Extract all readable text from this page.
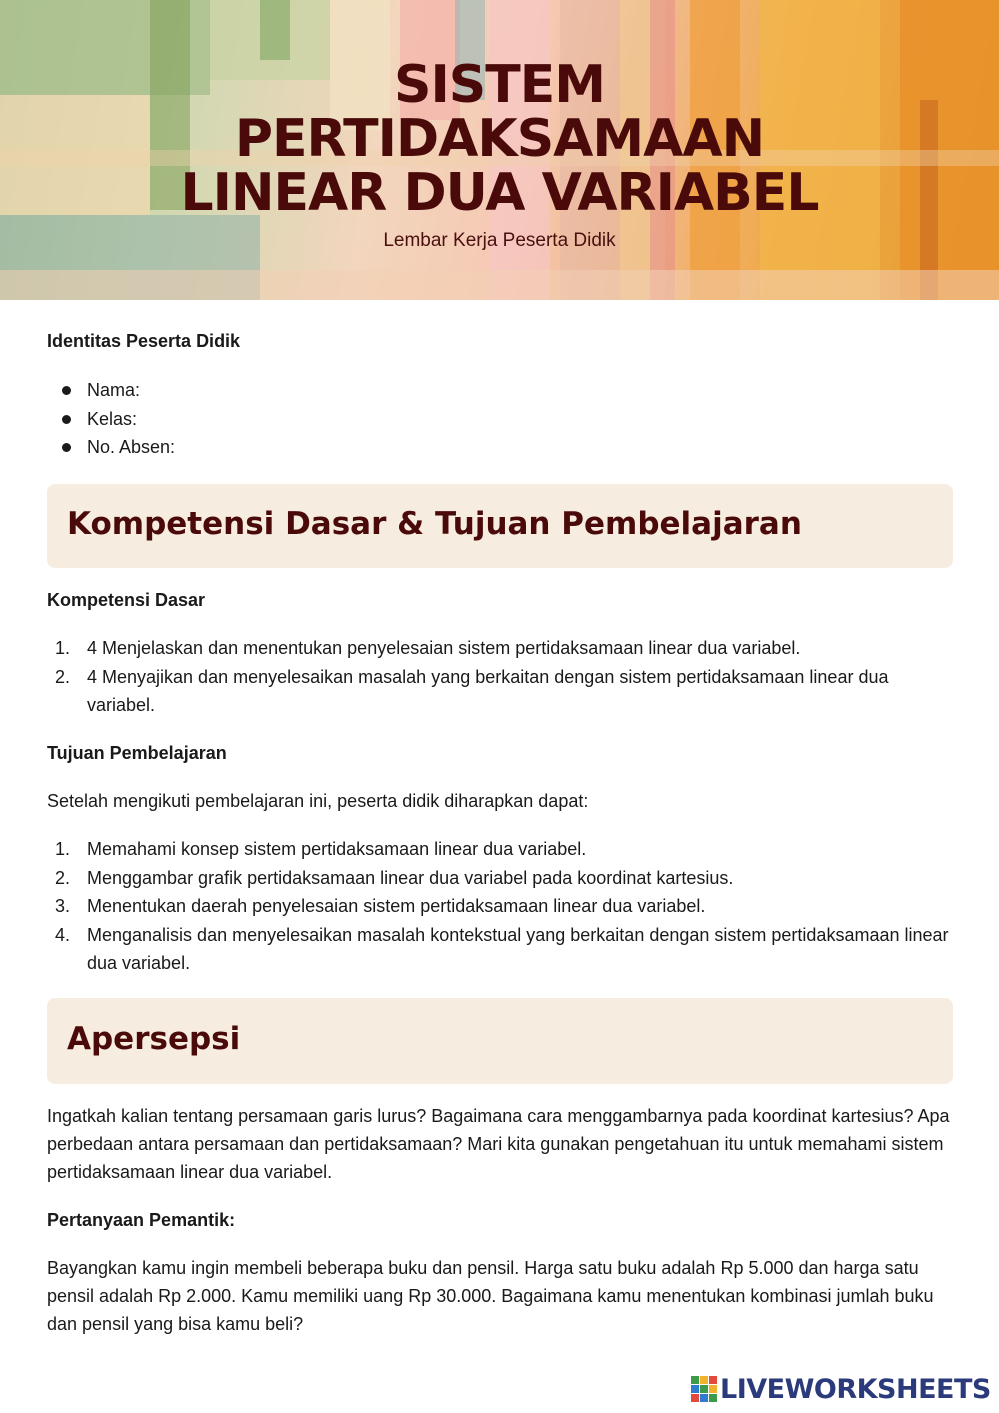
SISTEM
PERTIDAKSAMAAN
LINEAR DUA VARIABEL
Lembar Kerja Peserta Didik

Identitas Peserta Didik

Nama:
Kelas:
No. Absen:
Kompetensi Dasar & Tujuan Pembelajaran

Kompetensi Dasar

1. 4 Menjelaskan dan menentukan penyelesaian sistem pertidaksamaan linear dua variabel.
2. 4 Menyajikan dan menyelesaikan masalah yang berkaitan dengan sistem pertidaksamaan linear dua variabel.

Tujuan Pembelajaran

Setelah mengikuti pembelajaran ini, peserta didik diharapkan dapat:

1. Memahami konsep sistem pertidaksamaan linear dua variabel.
2. Menggambar grafik pertidaksamaan linear dua variabel pada koordinat kartesius.
3. Menentukan daerah penyelesaian sistem pertidaksamaan linear dua variabel.
4. Menganalisis dan menyelesaikan masalah kontekstual yang berkaitan dengan sistem pertidaksamaan linear dua variabel.
Apersepsi

Ingatkah kalian tentang persamaan garis lurus? Bagaimana cara menggambarnya pada koordinat kartesius? Apa perbedaan antara persamaan dan pertidaksamaan? Mari kita gunakan pengetahuan itu untuk memahami sistem pertidaksamaan linear dua variabel.

Pertanyaan Pemantik:

Bayangkan kamu ingin membeli beberapa buku dan pensil. Harga satu buku adalah Rp 5.000 dan harga satu pensil adalah Rp 2.000. Kamu memiliki uang Rp 30.000. Bagaimana kamu menentukan kombinasi jumlah buku dan pensil yang bisa kamu beli?

LIVEWORKSHEETS
